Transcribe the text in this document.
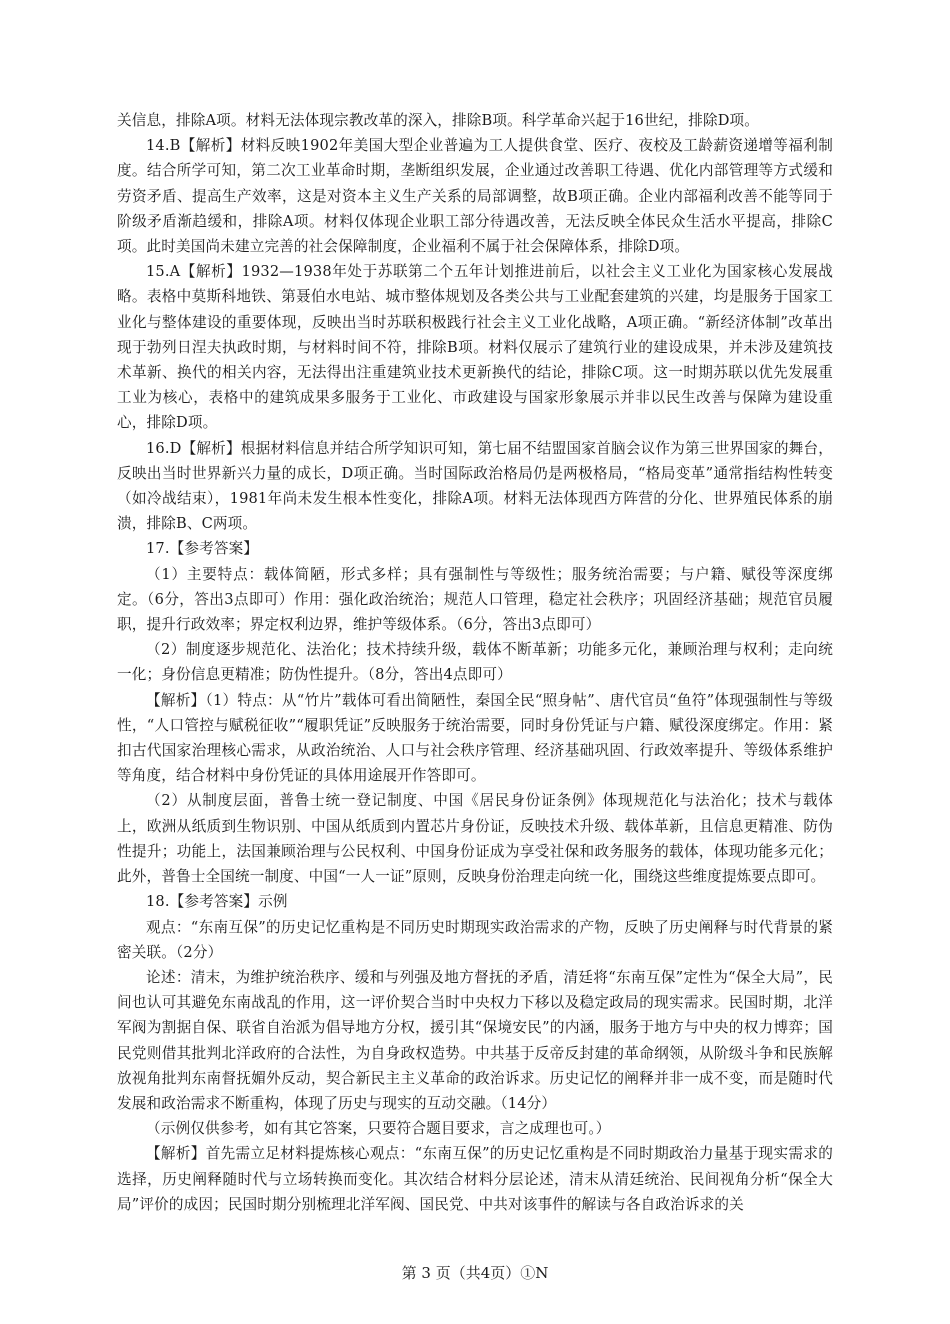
关信息，排除A项。材料无法体现宗教改革的深入，排除B项。科学革命兴起于16世纪，排除D项。

14.B【解析】材料反映1902年美国大型企业普遍为工人提供食堂、医疗、夜校及工龄薪资递增等福利制度。结合所学可知，第二次工业革命时期，垄断组织发展，企业通过改善职工待遇、优化内部管理等方式缓和劳资矛盾、提高生产效率，这是对资本主义生产关系的局部调整，故B项正确。企业内部福利改善不能等同于阶级矛盾渐趋缓和，排除A项。材料仅体现企业职工部分待遇改善，无法反映全体民众生活水平提高，排除C项。此时美国尚未建立完善的社会保障制度，企业福利不属于社会保障体系，排除D项。

15.A【解析】1932—1938年处于苏联第二个五年计划推进前后，以社会主义工业化为国家核心发展战略。表格中莫斯科地铁、第聂伯水电站、城市整体规划及各类公共与工业配套建筑的兴建，均是服务于国家工业化与整体建设的重要体现，反映出当时苏联积极践行社会主义工业化战略，A项正确。“新经济体制”改革出现于勃列日涅夫执政时期，与材料时间不符，排除B项。材料仅展示了建筑行业的建设成果，并未涉及建筑技术革新、换代的相关内容，无法得出注重建筑业技术更新换代的结论，排除C项。这一时期苏联以优先发展重工业为核心，表格中的建筑成果多服务于工业化、市政建设与国家形象展示并非以民生改善与保障为建设重心，排除D项。

16.D【解析】根据材料信息并结合所学知识可知，第七届不结盟国家首脑会议作为第三世界国家的舞台，反映出当时世界新兴力量的成长，D项正确。当时国际政治格局仍是两极格局，“格局变革”通常指结构性转变（如冷战结束），1981年尚未发生根本性变化，排除A项。材料无法体现西方阵营的分化、世界殖民体系的崩溃，排除B、C两项。

17.【参考答案】

（1）主要特点：载体简陋，形式多样；具有强制性与等级性；服务统治需要；与户籍、赋役等深度绑定。（6分，答出3点即可）作用：强化政治统治；规范人口管理，稳定社会秩序；巩固经济基础；规范官员履职，提升行政效率；界定权利边界，维护等级体系。（6分，答出3点即可）

（2）制度逐步规范化、法治化；技术持续升级，载体不断革新；功能多元化，兼顾治理与权利；走向统一化；身份信息更精准；防伪性提升。（8分，答出4点即可）

【解析】（1）特点：从“竹片”载体可看出简陋性，秦国全民“照身帖”、唐代官员“鱼符”体现强制性与等级性，“人口管控与赋税征收”“履职凭证”反映服务于统治需要，同时身份凭证与户籍、赋役深度绑定。作用：紧扣古代国家治理核心需求，从政治统治、人口与社会秩序管理、经济基础巩固、行政效率提升、等级体系维护等角度，结合材料中身份凭证的具体用途展开作答即可。

（2）从制度层面，普鲁士统一登记制度、中国《居民身份证条例》体现规范化与法治化；技术与载体上，欧洲从纸质到生物识别、中国从纸质到内置芯片身份证，反映技术升级、载体革新，且信息更精准、防伪性提升；功能上，法国兼顾治理与公民权利、中国身份证成为享受社保和政务服务的载体，体现功能多元化；此外，普鲁士全国统一制度、中国“一人一证”原则，反映身份治理走向统一化，围绕这些维度提炼要点即可。

18.【参考答案】示例

观点：“东南互保”的历史记忆重构是不同历史时期现实政治需求的产物，反映了历史阐释与时代背景的紧密关联。（2分）

论述：清末，为维护统治秩序、缓和与列强及地方督抚的矛盾，清廷将“东南互保”定性为“保全大局”，民间也认可其避免东南战乱的作用，这一评价契合当时中央权力下移以及稳定政局的现实需求。民国时期，北洋军阀为割据自保、联省自治派为倡导地方分权，援引其“保境安民”的内涵，服务于地方与中央的权力博弈；国民党则借其批判北洋政府的合法性，为自身政权造势。中共基于反帝反封建的革命纲领，从阶级斗争和民族解放视角批判东南督抚媚外反动，契合新民主主义革命的政治诉求。历史记忆的阐释并非一成不变，而是随时代发展和政治需求不断重构，体现了历史与现实的互动交融。（14分）

（示例仅供参考，如有其它答案，只要符合题目要求，言之成理也可。）

【解析】首先需立足材料提炼核心观点：“东南互保”的历史记忆重构是不同时期政治力量基于现实需求的选择，历史阐释随时代与立场转换而变化。其次结合材料分层论述，清末从清廷统治、民间视角分析“保全大局”评价的成因；民国时期分别梳理北洋军阀、国民党、中共对该事件的解读与各自政治诉求的关

第 3 页（共4页）①N
